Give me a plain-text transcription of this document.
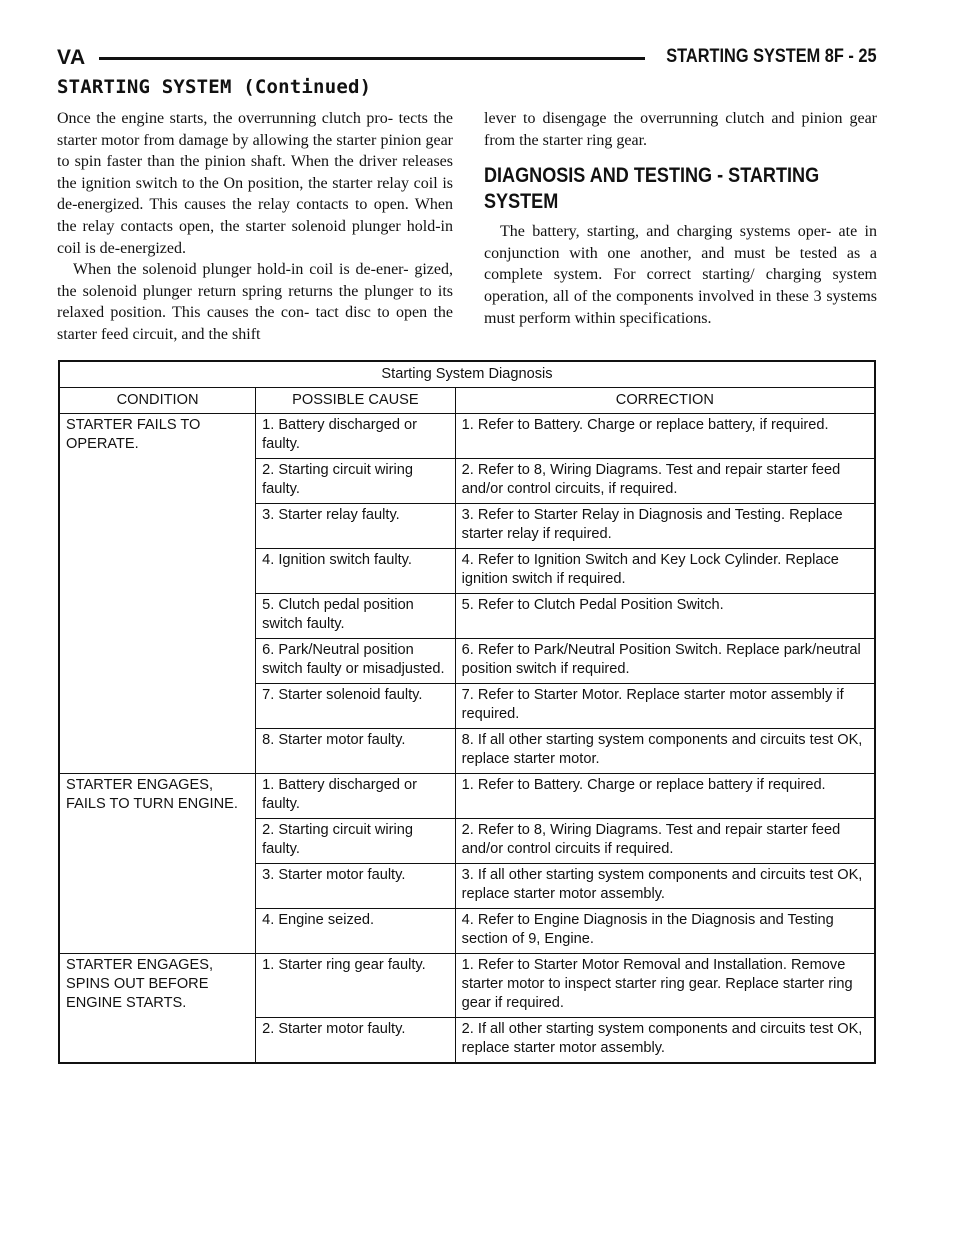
VA	STARTING SYSTEM 8F - 25
STARTING SYSTEM (Continued)

Once the engine starts, the overrunning clutch pro- tects the starter motor from damage by allowing the starter pinion gear to spin faster than the pinion shaft. When the driver releases the ignition switch to the On position, the starter relay coil is de-energized. This causes the relay contacts to open. When the relay contacts open, the starter solenoid plunger hold-in coil is de-energized.

When the solenoid plunger hold-in coil is de-ener- gized, the solenoid plunger return spring returns the plunger to its relaxed position. This causes the con- tact disc to open the starter feed circuit, and the shift

lever to disengage the overrunning clutch and pinion gear from the starter ring gear.

DIAGNOSIS AND TESTING - STARTING SYSTEM

The battery, starting, and charging systems oper- ate in conjunction with one another, and must be tested as a complete system. For correct starting/ charging system operation, all of the components involved in these 3 systems must perform within specifications.

Starting System Diagnosis		
CONDITION	POSSIBLE CAUSE	CORRECTION
STARTER FAILS TO OPERATE.	1. Battery discharged or faulty.	1. Refer to Battery. Charge or replace battery, if required.
	2. Starting circuit wiring faulty.	2. Refer to 8, Wiring Diagrams. Test and repair starter feed and/or control circuits, if required.
	3. Starter relay faulty.	3. Refer to Starter Relay in Diagnosis and Testing. Replace starter relay if required.
	4. Ignition switch faulty.	4. Refer to Ignition Switch and Key Lock Cylinder. Replace ignition switch if required.
	5. Clutch pedal position switch faulty.	5. Refer to Clutch Pedal Position Switch.
	6. Park/Neutral position switch faulty or misadjusted.	6. Refer to Park/Neutral Position Switch. Replace park/neutral position switch if required.
	7. Starter solenoid faulty.	7. Refer to Starter Motor. Replace starter motor assembly if required.
	8. Starter motor faulty.	8. If all other starting system components and circuits test OK, replace starter motor.
STARTER ENGAGES, FAILS TO TURN ENGINE.	1. Battery discharged or faulty.	1. Refer to Battery. Charge or replace battery if required.
	2. Starting circuit wiring faulty.	2. Refer to 8, Wiring Diagrams. Test and repair starter feed and/or control circuits if required.
	3. Starter motor faulty.	3. If all other starting system components and circuits test OK, replace starter motor assembly.
	4. Engine seized.	4. Refer to Engine Diagnosis in the Diagnosis and Testing section of 9, Engine.
STARTER ENGAGES, SPINS OUT BEFORE ENGINE STARTS.	1. Starter ring gear faulty.	1. Refer to Starter Motor Removal and Installation. Remove starter motor to inspect starter ring gear. Replace starter ring gear if required.
	2. Starter motor faulty.	2. If all other starting system components and circuits test OK, replace starter motor assembly.
